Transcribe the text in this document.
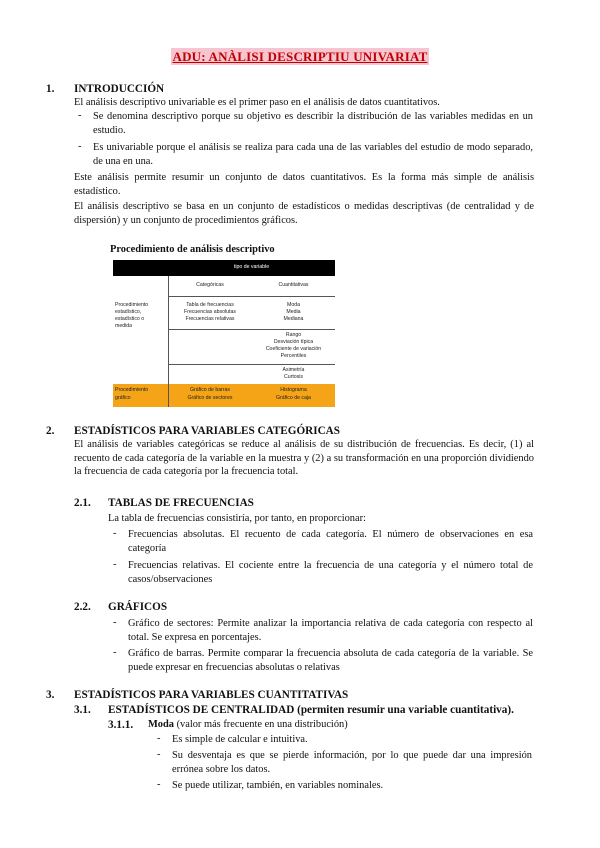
ADU: ANÀLISI DESCRIPTIU UNIVARIAT
1. INTRODUCCIÓN
El análisis descriptivo univariable es el primer paso en el análisis de datos cuantitativos.
- Se denomina descriptivo porque su objetivo es describir la distribución de las variables medidas en un estudio.
- Es univariable porque el análisis se realiza para cada una de las variables del estudio de modo separado, de una en una.
Este análisis permite resumir un conjunto de datos cuantitativos. Es la forma más simple de análisis estadístico.
El análisis descriptivo se basa en un conjunto de estadísticos o medidas descriptivas (de centralidad y de dispersión) y un conjunto de procedimientos gráficos.
Procedimiento de análisis descriptivo
tipo de variable
Categóricas	Cuantitativas
Procedimiento
estadístico,
estadístico o
medida
Tabla de frecuencias
Frecuencias absolutas
Frecuencias relativas
Moda
Media
Mediana
Rango
Desviación típica
Coeficiente de variación
Percentiles
Asimetría
Curtosis
Procedimiento
gráfico
Gráfico de barras
Gráfico de sectores
Histograma
Gráfico de caja
2. ESTADÍSTICOS PARA VARIABLES CATEGÓRICAS
El análisis de variables categóricas se reduce al análisis de su distribución de frecuencias. Es decir, (1) al recuento de cada categoría de la variable en la muestra y (2) a su transformación en una proporción dividiendo la frecuencia de cada categoría por la frecuencia total.
2.1. TABLAS DE FRECUENCIAS
La tabla de frecuencias consistiría, por tanto, en proporcionar:
- Frecuencias absolutas. El recuento de cada categoría. El número de observaciones en esa categoría
- Frecuencias relativas. El cociente entre la frecuencia de una categoría y el número total de casos/observaciones
2.2. GRÁFICOS
- Gráfico de sectores: Permite analizar la importancia relativa de cada categoría con respecto al total. Se expresa en porcentajes.
- Gráfico de barras. Permite comparar la frecuencia absoluta de cada categoría de la variable. Se puede expresar en frecuencias absolutas o relativas
3. ESTADÍSTICOS PARA VARIABLES CUANTITATIVAS
3.1. ESTADÍSTICOS DE CENTRALIDAD (permiten resumir una variable cuantitativa).
3.1.1. Moda (valor más frecuente en una distribución)
- Es simple de calcular e intuitiva.
- Su desventaja es que se pierde información, por lo que puede dar una impresión errónea sobre los datos.
- Se puede utilizar, también, en variables nominales.
